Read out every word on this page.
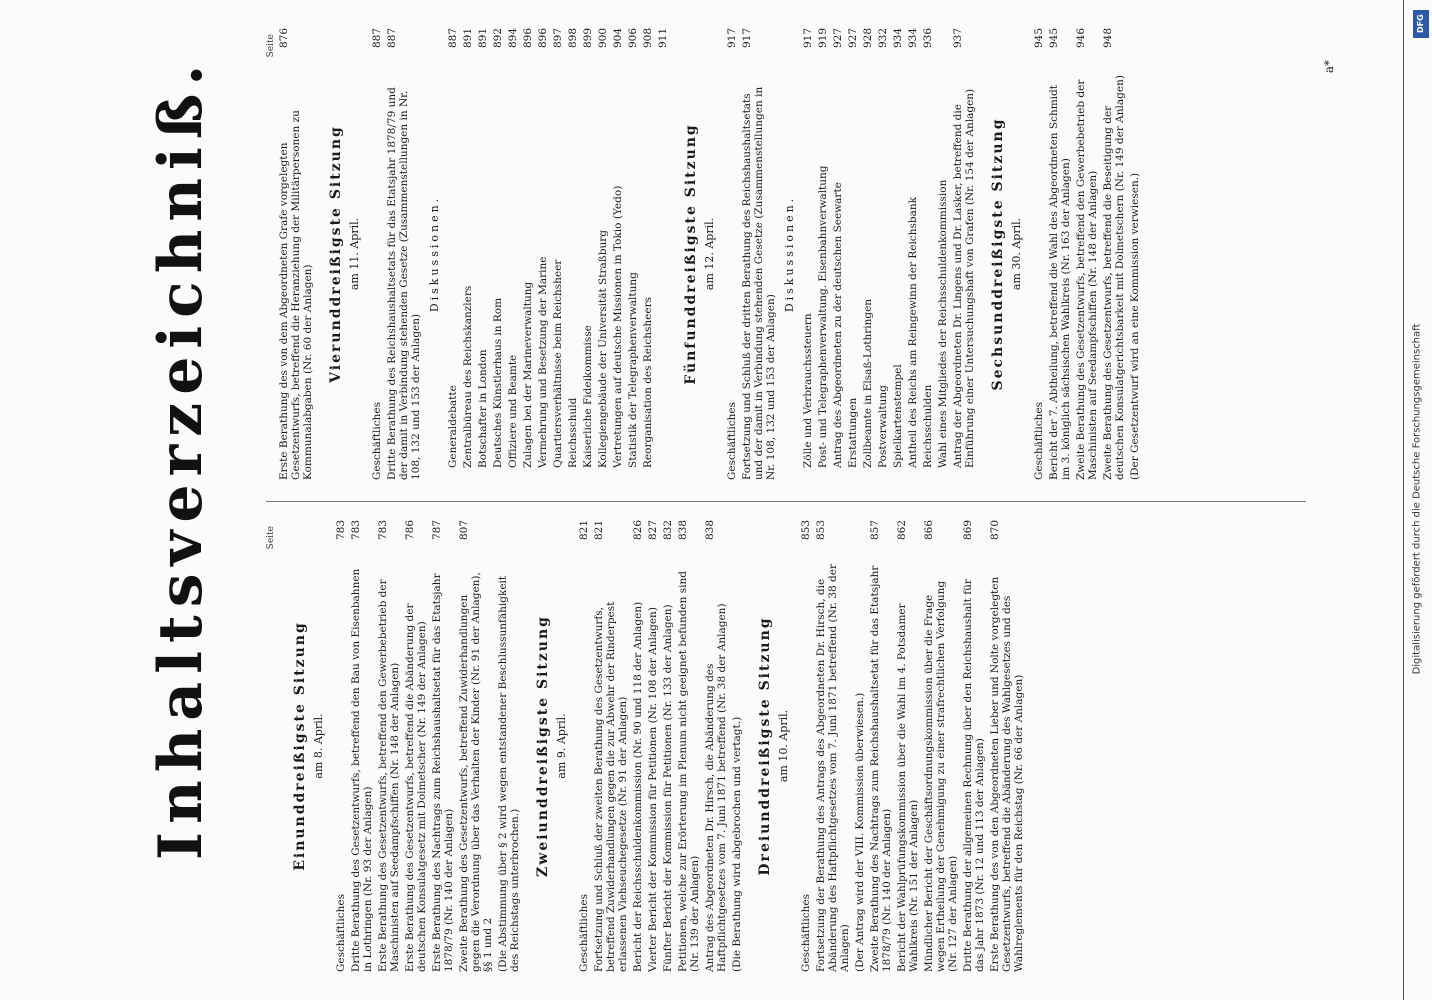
Digitalisierung gefördert durch die Deutsche Forschungsgemeinschaft
DFG
Inhaltsverzeichniß.	Seite
Einunddreißigste Sitzung am 8. April.
Geschäftliches
783
Dritte Berathung des Gesetzentwurfs, betreffend den Bau von Eisenbahnen in Lothringen (Nr. 93 der Anlagen)
783
Erste Berathung des Gesetzentwurfs, betreffend den Gewerbebetrieb der Maschinisten auf Seedampfschiffen (Nr. 148 der Anlagen)
783
Erste Berathung des Gesetzentwurfs, betreffend die Abänderung der deutschen Konsulatgesetz mit Dolmetscher (Nr. 149 der Anlagen)
786
Erste Berathung des Nachtrags zum Reichshaushaltsetat für das Etatsjahr 1878/79 (Nr. 140 der Anlagen)
787
Zweite Berathung des Gesetzentwurfs, betreffend Zuwiderhandlungen gegen die Verordnung über das Verhalten der Kinder (Nr. 91 der Anlagen), §§ 1 und 2
807
(Die Abstimmung über § 2 wird wegen entstandener Beschlussunfähigkeit des Reichstags unterbrochen.)
Zweiunddreißigste Sitzung am 9. April.
Geschäftliches
821
Fortsetzung und Schluß der zweiten Berathung des Gesetzentwurfs, betreffend Zuwiderhandlungen gegen die zur Abwehr der Rinderpest erlassenen Viehseuchegesetze (Nr. 91 der Anlagen)
821
Bericht der Reichsschuldenkommission (Nr. 90 und 118 der Anlagen)
826
Vierter Bericht der Kommission für Petitionen (Nr. 108 der Anlagen)
827
Fünfter Bericht der Kommission für Petitionen (Nr. 133 der Anlagen)
832
Petitionen, welche zur Erörterung im Plenum nicht geeignet befunden sind (Nr. 139 der Anlagen)
838
Antrag des Abgeordneten Dr. Hirsch, die Abänderung des Haftpflichtgesetzes vom 7. Juni 1871 betreffend (Nr. 38 der Anlagen)
838
(Die Berathung wird abgebrochen und vertagt.) Dreiunddreißigste Sitzung am 10. April.
Geschäftliches
853
Fortsetzung der Berathung des Antrags des Abgeordneten Dr. Hirsch, die Abänderung des Haftpflichtgesetzes vom 7. Juni 1871 betreffend (Nr. 38 der Anlagen)
853
(Der Antrag wird der VIII. Kommission überwiesen.) Zweite Berathung des Nachtrags zum Reichshaushaltsetat für das Etatsjahr 1878/79 (Nr. 140 der Anlagen)
857
Bericht der Wahlprüfungskommission über die Wahl im 4. Potsdamer Wahlkreis (Nr. 151 der Anlagen)
862
Mündlicher Bericht der Geschäftsordnungskommission über die Frage wegen Ertheilung der Genehmigung zu einer strafrechtlichen Verfolgung (Nr. 127 der Anlagen)
866
Dritte Berathung der allgemeinen Rechnung über den Reichshaushalt für das Jahr 1873 (Nr. 12 und 113 der Anlagen)
869
Erste Berathung des von den Abgeordneten Lieber und Nolte vorgelegten Gesetzentwurfs, betreffend die Abänderung des Wahlgesetzes und des Wahlreglements für den Reichstag (Nr. 66 der Anlagen)
870
Seite
Erste Berathung des von dem Abgeordneten Grafe vorgelegten Gesetzentwurfs, betreffend die Heranziehung der Militärpersonen zu Kommunalabgaben (Nr. 60 der Anlagen)
876
Vierunddreißigste Sitzung am 11. April.
Geschäftliches
887
Dritte Berathung des Reichshaushaltsetats für das Etatsjahr 1878/79 und der damit in Verbindung stehenden Gesetze (Zusammenstellungen in Nr. 108, 132 und 153 der Anlagen)
887
Diskussionen.
Generaldebatte
887
Zentralbüreau des Reichskanzlers
891
Botschafter in London
891
Deutsches Künstlerhaus in Rom
892
Offiziere und Beamte
894
Zulagen bei der Marineverwaltung
896
Vermehrung und Besetzung der Marine
896
Quartiersverhältnisse beim Reichsheer
897
Reichsschuld
898
Kaiserliche Fideikommisse
899
Kollegiengebäude der Universität Straßburg
900
Vertretungen auf deutsche Missionen in Tokio (Yedo)
904
Statistik der Telegraphenverwaltung
906
Reorganisation des Reichsheers
908 911
Fünfunddreißigste Sitzung am 12. April.
Geschäftliches
917
Fortsetzung und Schluß der dritten Berathung des Reichshaushaltsetats und der damit in Verbindung stehenden Gesetze (Zusammenstellungen in Nr. 108, 132 und 153 der Anlagen)
917
Diskussionen.
Zölle und Verbrauchssteuern
917
Post- und Telegraphenverwaltung. Eisenbahnverwaltung
919
Antrag des Abgeordneten zu der deutschen Seewarte
927
Erstattungen
927
Zollbeamte in Elsaß-Lothringen
928
Postverwaltung
932
Spielkartenstempel
934
Antheil des Reichs am Reingewinn der Reichsbank
934
Reichsschulden
936
Wahl eines Mitgliedes der Reichsschuldenkommission Antrag der Abgeordneten Dr. Lingens und Dr. Lasker, betreffend die Einführung einer Untersuchungshaft von Grafen (Nr. 154 der Anlagen)
937
Sechsunddreißigste Sitzung am 30. April.
Geschäftliches
945
Bericht der 7. Abtheilung, betreffend die Wahl des Abgeordneten Schmidt im 3. königlich sächsischen Wahlkreis (Nr. 163 der Anlagen)
945
Zweite Berathung des Gesetzentwurfs, betreffend den Gewerbebetrieb der Maschinisten auf Seedampfschiffen (Nr. 148 der Anlagen)
946
Zweite Berathung des Gesetzentwurfs, betreffend die Beseitigung der deutschen Konsulatgerichtsbarkeit mit Dolmetschern (Nr. 149 der Anlagen)
948
(Der Gesetzentwurf wird an eine Kommission verwiesen.)
a*
